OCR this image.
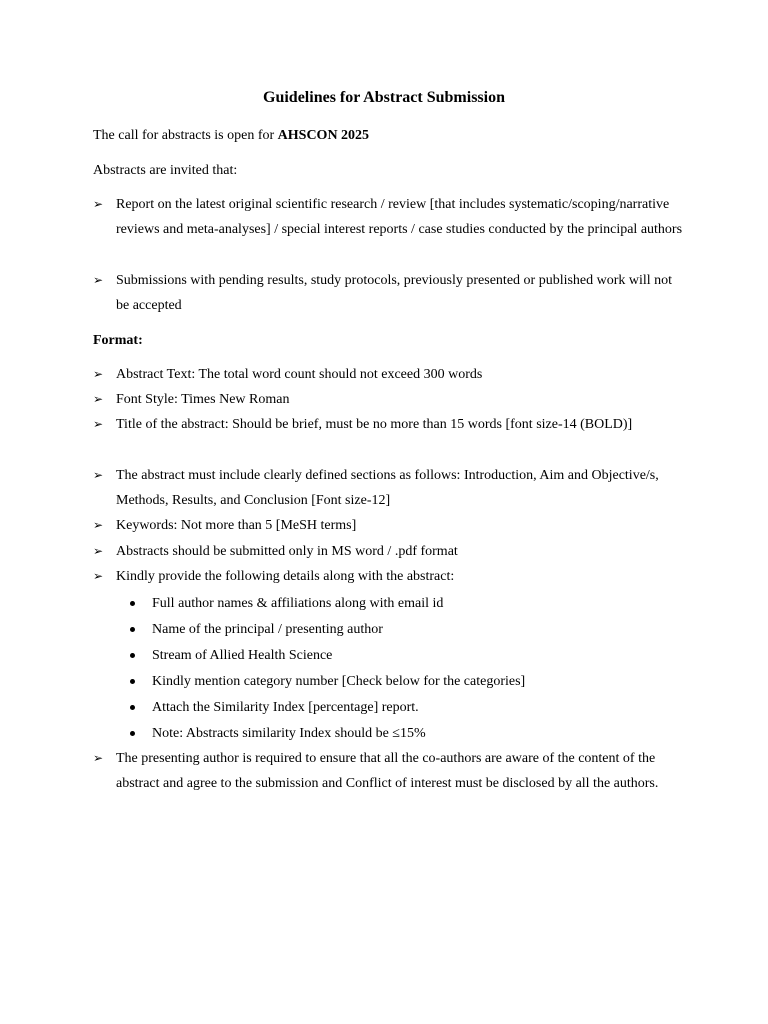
Guidelines for Abstract Submission
The call for abstracts is open for AHSCON 2025
Abstracts are invited that:
➢ Report on the latest original scientific research / review [that includes systematic/scoping/narrative reviews and meta-analyses] / special interest reports / case studies conducted by the principal authors
➢ Submissions with pending results, study protocols, previously presented or published work will not be accepted
Format:
➢ Abstract Text: The total word count should not exceed 300 words
➢ Font Style: Times New Roman
➢ Title of the abstract: Should be brief, must be no more than 15 words [font size-14 (BOLD)]
➢ The abstract must include clearly defined sections as follows: Introduction, Aim and Objective/s, Methods, Results, and Conclusion [Font size-12]
➢ Keywords: Not more than 5 [MeSH terms]
➢ Abstracts should be submitted only in MS word / .pdf format
➢ Kindly provide the following details along with the abstract:
Full author names & affiliations along with email id
Name of the principal / presenting author
Stream of Allied Health Science
Kindly mention category number [Check below for the categories]
Attach the Similarity Index [percentage] report.
Note: Abstracts similarity Index should be ≤15%
➢ The presenting author is required to ensure that all the co-authors are aware of the content of the abstract and agree to the submission and Conflict of interest must be disclosed by all the authors.
